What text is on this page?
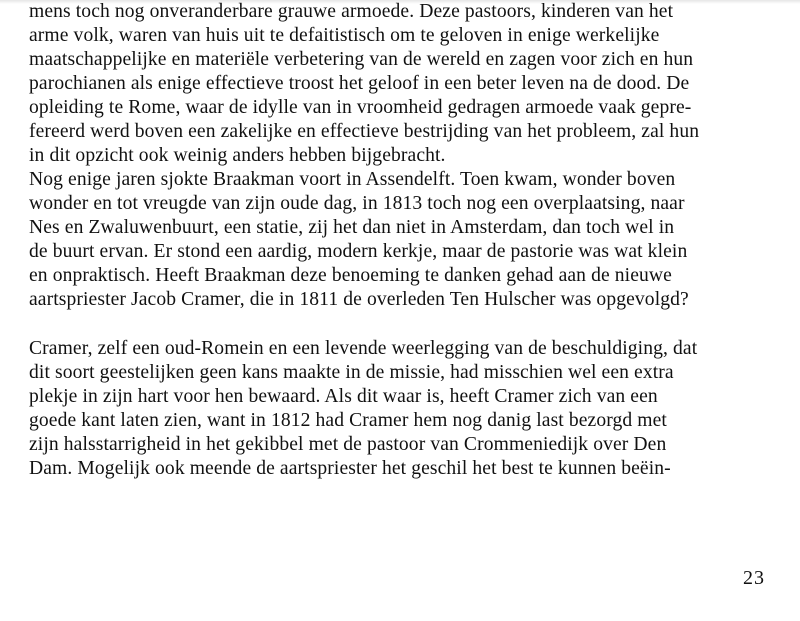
mens toch nog onveranderbare grauwe armoede. Deze pastoors, kinderen van het
arme volk, waren van huis uit te defaitistisch om te geloven in enige werkelijke
maatschappelijke en materiële verbetering van de wereld en zagen voor zich en hun
parochianen als enige effectieve troost het geloof in een beter leven na de dood. De
opleiding te Rome, waar de idylle van in vroomheid gedragen armoede vaak gepre-
fereerd werd boven een zakelijke en effectieve bestrijding van het probleem, zal hun
in dit opzicht ook weinig anders hebben bijgebracht.
Nog enige jaren sjokte Braakman voort in Assendelft. Toen kwam, wonder boven
wonder en tot vreugde van zijn oude dag, in 1813 toch nog een overplaatsing, naar
Nes en Zwaluwenbuurt, een statie, zij het dan niet in Amsterdam, dan toch wel in
de buurt ervan. Er stond een aardig, modern kerkje, maar de pastorie was wat klein
en onpraktisch. Heeft Braakman deze benoeming te danken gehad aan de nieuwe
aartspriester Jacob Cramer, die in 1811 de overleden Ten Hulscher was opgevolgd?
Cramer, zelf een oud-Romein en een levende weerlegging van de beschuldiging, dat
dit soort geestelijken geen kans maakte in de missie, had misschien wel een extra
plekje in zijn hart voor hen bewaard. Als dit waar is, heeft Cramer zich van een
goede kant laten zien, want in 1812 had Cramer hem nog danig last bezorgd met
zijn halsstarrigheid in het gekibbel met de pastoor van Crommeniedijk over Den
Dam. Mogelijk ook meende de aartspriester het geschil het best te kunnen beëin-
23
